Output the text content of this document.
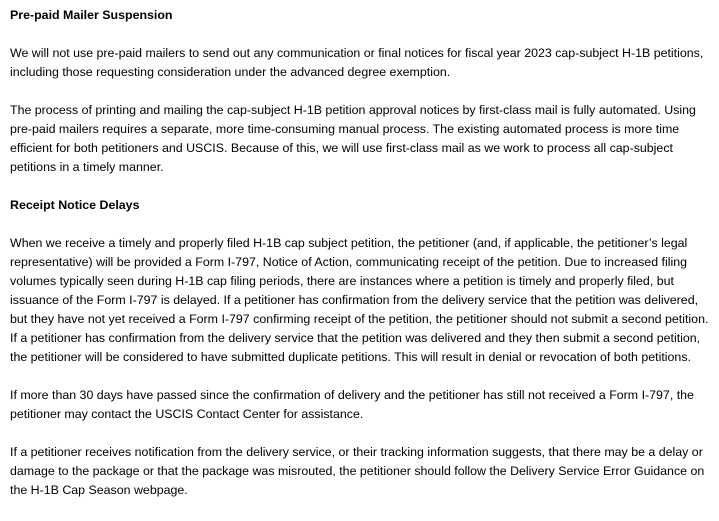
Pre-paid Mailer Suspension

We will not use pre-paid mailers to send out any communication or final notices for fiscal year 2023 cap-subject H-1B petitions, including those requesting consideration under the advanced degree exemption.

The process of printing and mailing the cap-subject H-1B petition approval notices by first-class mail is fully automated. Using pre-paid mailers requires a separate, more time-consuming manual process. The existing automated process is more time efficient for both petitioners and USCIS. Because of this, we will use first-class mail as we work to process all cap-subject petitions in a timely manner.

Receipt Notice Delays

When we receive a timely and properly filed H-1B cap subject petition, the petitioner (and, if applicable, the petitioner’s legal representative) will be provided a Form I-797, Notice of Action, communicating receipt of the petition. Due to increased filing volumes typically seen during H-1B cap filing periods, there are instances where a petition is timely and properly filed, but issuance of the Form I-797 is delayed. If a petitioner has confirmation from the delivery service that the petition was delivered, but they have not yet received a Form I-797 confirming receipt of the petition, the petitioner should not submit a second petition. If a petitioner has confirmation from the delivery service that the petition was delivered and they then submit a second petition, the petitioner will be considered to have submitted duplicate petitions. This will result in denial or revocation of both petitions.

If more than 30 days have passed since the confirmation of delivery and the petitioner has still not received a Form I-797, the petitioner may contact the USCIS Contact Center for assistance.

If a petitioner receives notification from the delivery service, or their tracking information suggests, that there may be a delay or damage to the package or that the package was misrouted, the petitioner should follow the Delivery Service Error Guidance on the H-1B Cap Season webpage.
